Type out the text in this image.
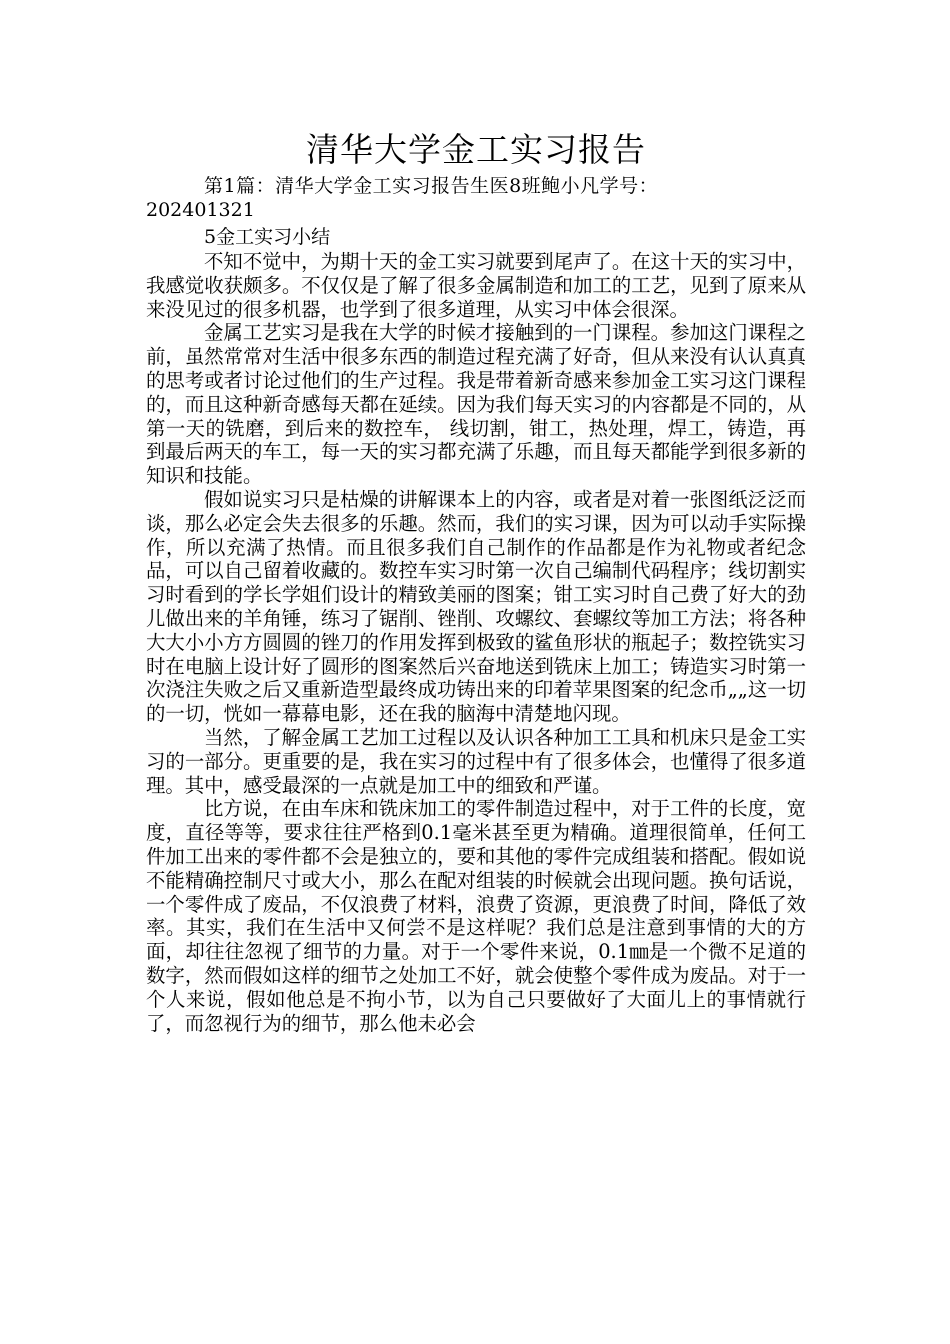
清华大学金工实习报告

第1篇：清华大学金工实习报告生医8班鲍小凡学号：

202401321

5金工实习小结

不知不觉中，为期十天的金工实习就要到尾声了。在这十天的实习中，我感觉收获颇多。不仅仅是了解了很多金属制造和加工的工艺，见到了原来从来没见过的很多机器，也学到了很多道理，从实习中体会很深。

金属工艺实习是我在大学的时候才接触到的一门课程。参加这门课程之前，虽然常常对生活中很多东西的制造过程充满了好奇，但从来没有认认真真的思考或者讨论过他们的生产过程。我是带着新奇感来参加金工实习这门课程的，而且这种新奇感每天都在延续。因为我们每天实习的内容都是不同的，从第一天的铣磨，到后来的数控车， 线切割，钳工，热处理，焊工，铸造，再到最后两天的车工，每一天的实习都充满了乐趣，而且每天都能学到很多新的知识和技能。

假如说实习只是枯燥的讲解课本上的内容，或者是对着一张图纸泛泛而谈，那么必定会失去很多的乐趣。然而，我们的实习课，因为可以动手实际操作，所以充满了热情。而且很多我们自己制作的作品都是作为礼物或者纪念品，可以自己留着收藏的。数控车实习时第一次自己编制代码程序；线切割实习时看到的学长学姐们设计的精致美丽的图案；钳工实习时自己费了好大的劲儿做出来的羊角锤，练习了锯削、锉削、攻螺纹、套螺纹等加工方法；将各种大大小小方方圆圆的锉刀的作用发挥到极致的鲨鱼形状的瓶起子；数控铣实习时在电脑上设计好了圆形的图案然后兴奋地送到铣床上加工；铸造实习时第一次浇注失败之后又重新造型最终成功铸出来的印着苹果图案的纪念币„„这一切的一切，恍如一幕幕电影，还在我的脑海中清楚地闪现。

当然，了解金属工艺加工过程以及认识各种加工工具和机床只是金工实习的一部分。更重要的是，我在实习的过程中有了很多体会，也懂得了很多道理。其中，感受最深的一点就是加工中的细致和严谨。

比方说，在由车床和铣床加工的零件制造过程中，对于工件的长度，宽度，直径等等，要求往往严格到0.1毫米甚至更为精确。道理很简单，任何工件加工出来的零件都不会是独立的，要和其他的零件完成组装和搭配。假如说不能精确控制尺寸或大小，那么在配对组装的时候就会出现问题。换句话说，一个零件成了废品，不仅浪费了材料，浪费了资源，更浪费了时间，降低了效率。其实，我们在生活中又何尝不是这样呢？我们总是注意到事情的大的方面，却往往忽视了细节的力量。对于一个零件来说，0.1㎜是一个微不足道的数字，然而假如这样的细节之处加工不好，就会使整个零件成为废品。对于一个人来说，假如他总是不拘小节，以为自己只要做好了大面儿上的事情就行了，而忽视行为的细节，那么他未必会
